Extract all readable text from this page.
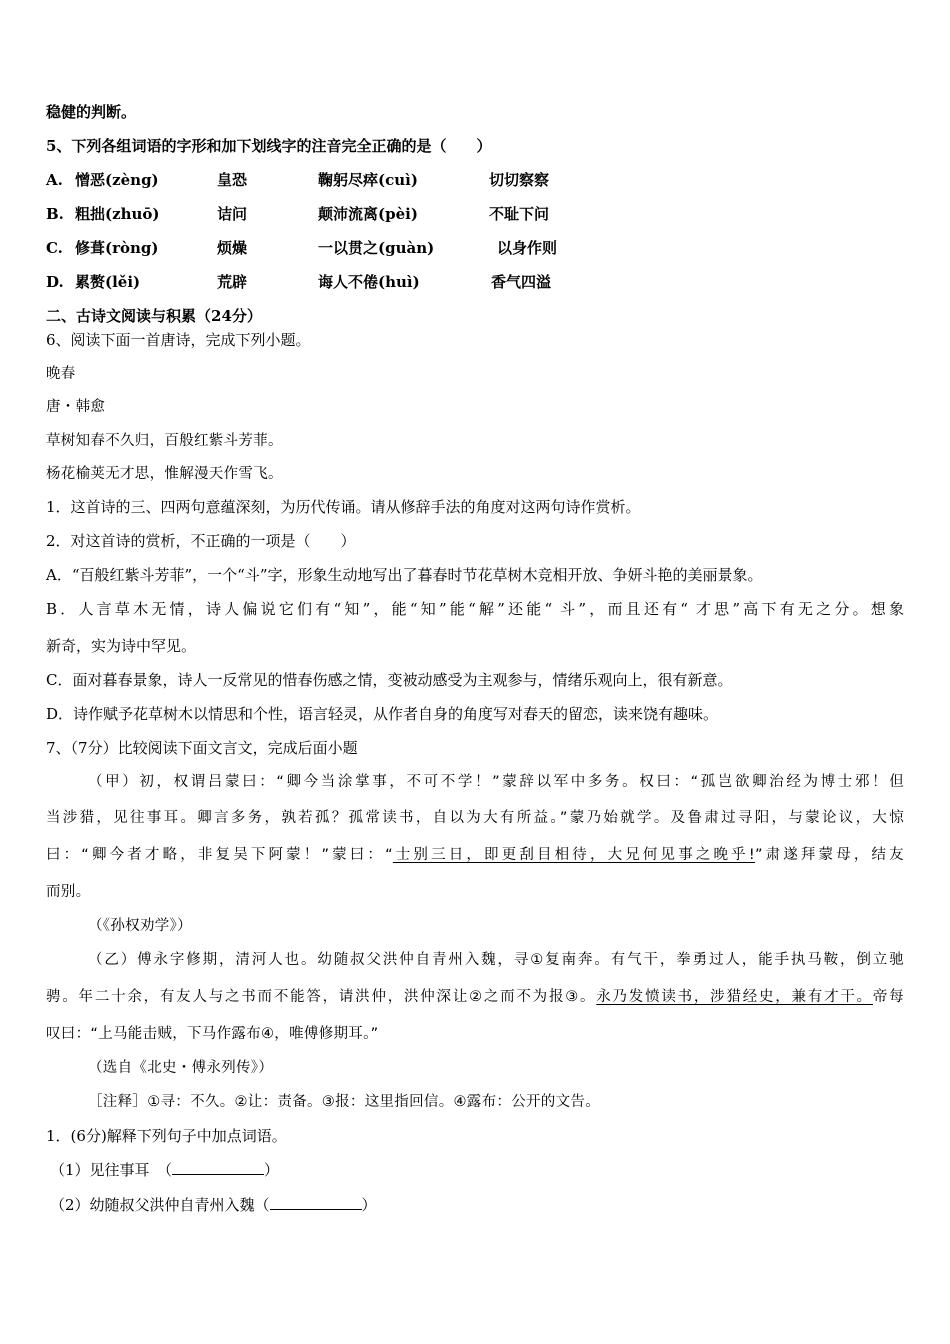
稳健的判断。
5、下列各组词语的字形和加下划线字的注音完全正确的是（　　）
A. 憎恶(zèng)	皇恐	鞠躬尽瘁(cuì)	切切察察
B. 粗拙(zhuō)	诘问	颠沛流离(pèi)	不耻下问
C. 修葺(ròng)	烦燥	一以贯之(guàn)	以身作则
D. 累赘(lěi)	荒辟	诲人不倦(huì)	香气四溢
二、古诗文阅读与积累（24分）
6、阅读下面一首唐诗，完成下列小题。
晚春
唐・韩愈
草树知春不久归，百般红紫斗芳菲。
杨花榆荚无才思，惟解漫天作雪飞。
1．这首诗的三、四两句意蕴深刻，为历代传诵。请从修辞手法的角度对这两句诗作赏析。
2．对这首诗的赏析，不正确的一项是（　　）
A．“百般红紫斗芳菲”，一个“斗”字，形象生动地写出了暮春时节花草树木竞相开放、争妍斗艳的美丽景象。
B．人言草木无情，诗人偏说它们有“知”，能“知”能“解”还能“ 斗”，而且还有“ 才思”高下有无之分。想象
新奇，实为诗中罕见。
C．面对暮春景象，诗人一反常见的惜春伤感之情，变被动感受为主观参与，情绪乐观向上，很有新意。
D．诗作赋予花草树木以情思和个性，语言轻灵，从作者自身的角度写对春天的留恋，读来饶有趣味。
7、（7分）比较阅读下面文言文，完成后面小题
（甲）初，权谓吕蒙曰：“卿今当涂掌事，不可不学！”蒙辞以军中多务。权曰：“孤岂欲卿治经为博士邪！但
当涉猎，见往事耳。卿言多务，孰若孤？孤常读书，自以为大有所益。”蒙乃始就学。及鲁肃过寻阳，与蒙论议，大惊
曰：“卿今者才略，非复吴下阿蒙！”蒙曰：“士别三日，即更刮目相待，大兄何见事之晚乎!”肃遂拜蒙母，结友
而别。
（《孙权劝学》）
（乙）傅永字修期，清河人也。幼随叔父洪仲自青州入魏，寻①复南奔。有气干，拳勇过人，能手执马鞍，倒立驰
骋。年二十余，有友人与之书而不能答，请洪仲，洪仲深让②之而不为报③。永乃发愤读书，涉猎经史，兼有才干。帝每
叹曰：“上马能击贼，下马作露布④，唯傅修期耳。”
（选自《北史・傅永列传》）
［注释］①寻：不久。②让：责备。③报：这里指回信。④露布：公开的文告。
1．(6分)解释下列句子中加点词语。
（1）见往事耳　（	）
（2）幼随叔父洪仲自青州入魏（	）
